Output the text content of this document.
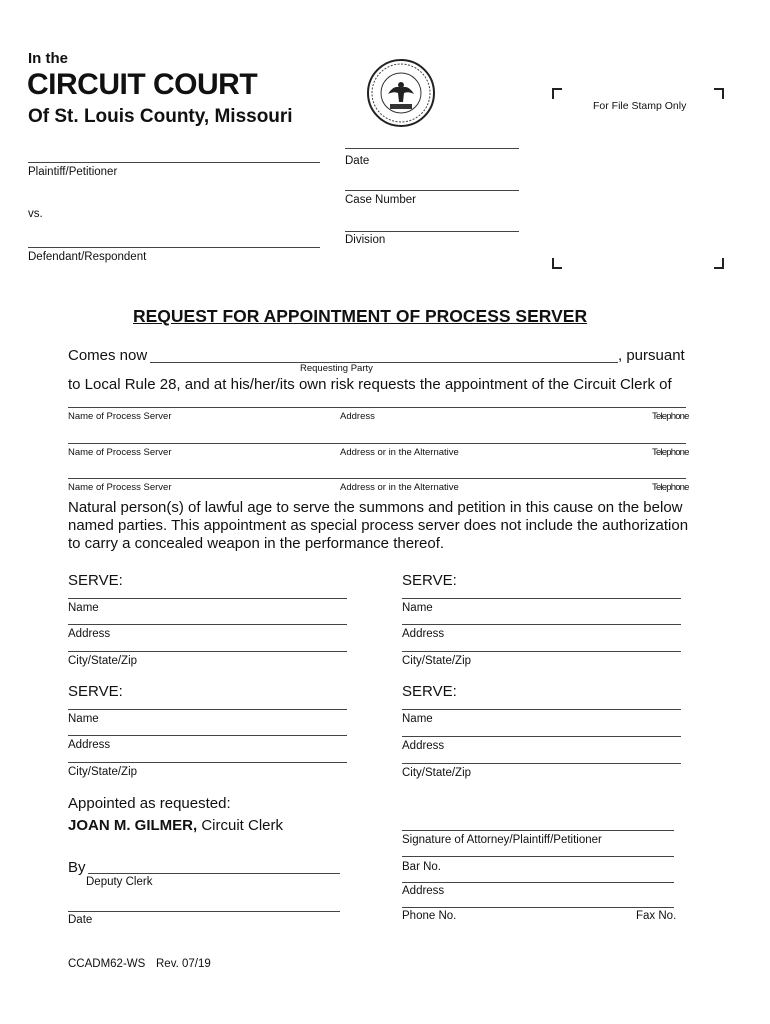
In the
CIRCUIT COURT
Of St. Louis County, Missouri	For File Stamp Only
Plaintiff/Petitioner
vs.
Defendant/Respondent
Date
Case Number
Division
REQUEST FOR APPOINTMENT OF PROCESS SERVER
Comes now	, pursuant
Requesting Party
to Local Rule 28, and at his/her/its own risk requests the appointment of the Circuit Clerk of
Name of Process Server	Address	Telephone
Name of Process Server	Address or in the Alternative	Telephone
Name of Process Server	Address or in the Alternative	Telephone
Natural person(s) of lawful age to serve the summons and petition in this cause on the below
named parties. This appointment as special process server does not include the authorization
to carry a concealed weapon in the performance thereof.
SERVE:
Name
Address
City/State/Zip
SERVE:
Name
Address
City/State/Zip
SERVE:
Name
Address
City/State/Zip
SERVE:
Name
Address
City/State/Zip
Appointed as requested:
JOAN M. GILMER, Circuit Clerk
By
Deputy Clerk
Date
Signature of Attorney/Plaintiff/Petitioner
Bar No.
Address
Phone No.	Fax No.
CCADM62-WS Rev. 07/19
